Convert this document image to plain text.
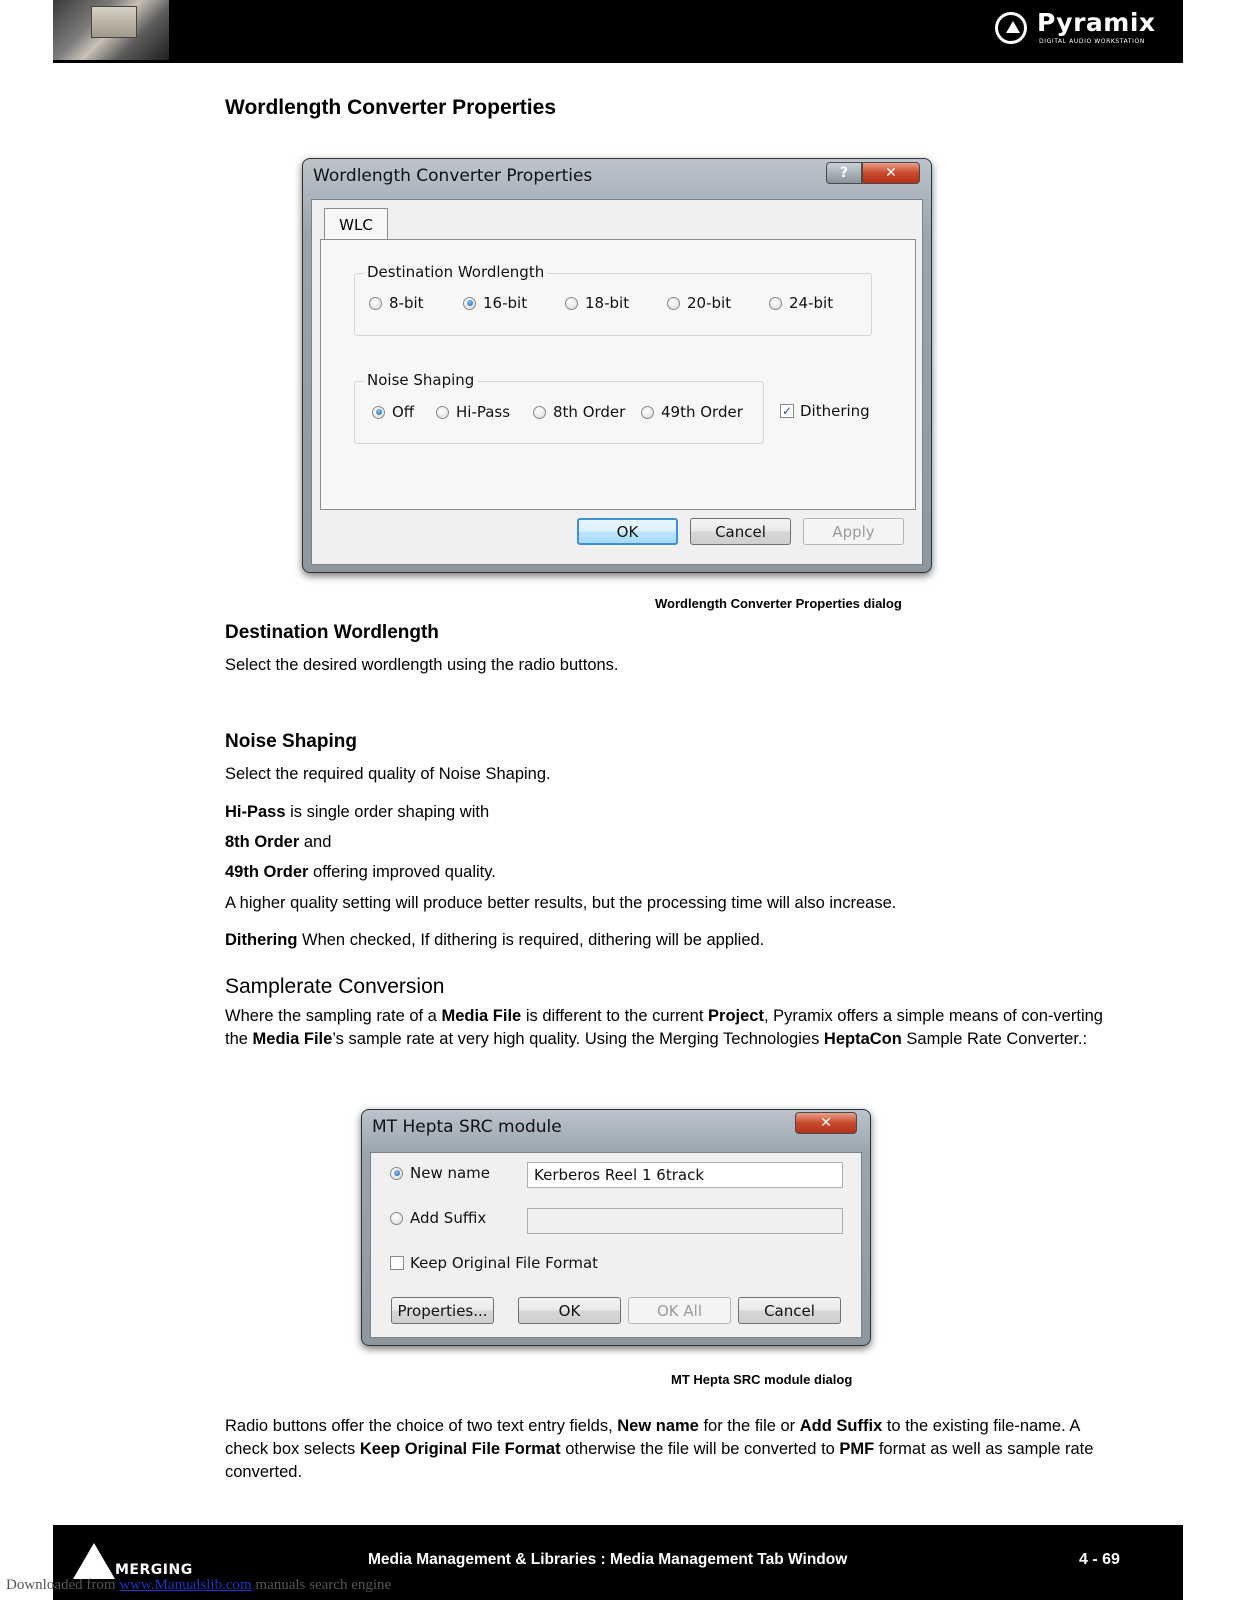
Pyramix
DIGITAL AUDIO WORKSTATION
Wordlength Converter Properties
Wordlength Converter Properties	?	✕
WLC
Destination Wordlength
8-bit	16-bit	18-bit	20-bit	24-bit
Noise Shaping
Off	Hi-Pass	8th Order 49th Order	✓ Dithering
OK	Cancel	Apply
Wordlength Converter Properties dialog
Destination Wordlength
Select the desired wordlength using the radio buttons.
Noise Shaping
Select the required quality of Noise Shaping.
Hi-Pass is single order shaping with
8th Order and
49th Order offering improved quality.
A higher quality setting will produce better results, but the processing time will also increase.
Dithering When checked, If dithering is required, dithering will be applied.
Samplerate Conversion
Where the sampling rate of a Media File is different to the current Project, Pyramix offers a simple means of con-verting the Media File’s sample rate at very high quality. Using the Merging Technologies HeptaCon Sample Rate Converter.:
MT Hepta SRC module	✕
New name	Kerberos Reel 1 6track
Add Suffix
Keep Original File Format
Properties...	OK	OK All	Cancel
MT Hepta SRC module dialog
Radio buttons offer the choice of two text entry fields, New name for the file or Add Suffix to the existing file-name. A check box selects Keep Original File Format otherwise the file will be converted to PMF format as well as sample rate converted.
MERGING
Media Management & Libraries : Media Management Tab Window	4 - 69
Downloaded from www.Manualslib.com manuals search engine
